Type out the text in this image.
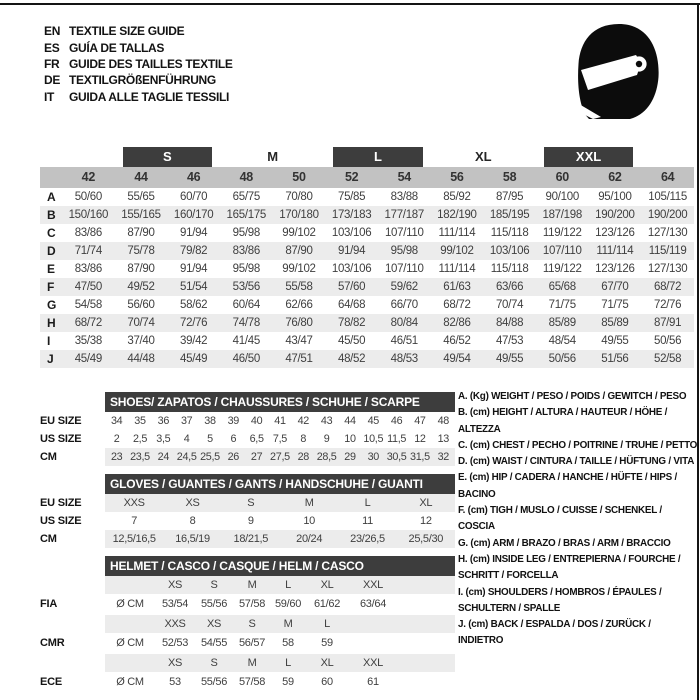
EN TEXTILE SIZE GUIDE
ES GUÍA DE TALLAS
FR GUIDE DES TAILLES TEXTILE
DE TEXTILGRÖßENFÜHRUNG
IT	GUIDA ALLE TAGLIE TESSILI

		S		M		L		XL		XXL		

	42	44	46	48	50	52	54	56	58	60	62	64
A	50/60	55/65	60/70	65/75	70/80	75/85	83/88	85/92	87/95	90/100	95/100	105/115
B	150/160	155/165	160/170	165/175	170/180	173/183	177/187	182/190	185/195	187/198	190/200	190/200
C	83/86	87/90	91/94	95/98	99/102	103/106	107/110	111/114	115/118	119/122	123/126	127/130
D	71/74	75/78	79/82	83/86	87/90	91/94	95/98	99/102	103/106	107/110	111/114	115/119
E	83/86	87/90	91/94	95/98	99/102	103/106	107/110	111/114	115/118	119/122	123/126	127/130
F	47/50	49/52	51/54	53/56	55/58	57/60	59/62	61/63	63/66	65/68	67/70	68/72
G	54/58	56/60	58/62	60/64	62/66	64/68	66/70	68/72	70/74	71/75	71/75	72/76
H	68/72	70/74	72/76	74/78	76/80	78/82	80/84	82/86	84/88	85/89	85/89	87/91
I	35/38	37/40	39/42	41/45	43/47	45/50	46/51	46/52	47/53	48/54	49/55	50/56
J	45/49	44/48	45/49	46/50	47/51	48/52	48/53	49/54	49/55	50/56	51/56	52/58

	SHOES/ ZAPATOS / CHAUSSURES / SCHUHE / SCARPE														

EU SIZE	34	35	36	37	38	39	40	41	42	43	44	45	46	47	48
US SIZE	2	2,5	3,5	4	5	6	6,5	7,5	8	9	10	10,5	11,5	12	13
CM	23	23,5	24	24,5	25,5	26	27	27,5	28	28,5	29	30	30,5	31,5	32

	GLOVES / GUANTES / GANTS / HANDSCHUHE / GUANTI					

EU SIZE	XXS	XS	S	M	L	XL
US SIZE	7	8	9	10	11	12
CM	12,5/16,5	16,5/19	18/21,5	20/24	23/26,5	25,5/30

	HELMET / CASCO / CASQUE / HELM / CASCO							

		XS	S	M	L	XL	XXL	
FIA	Ø CM	53/54	55/56	57/58	59/60	61/62	63/64	
		XXS	XS	S	M	L		
CMR	Ø CM	52/53	54/55	56/57	58	59		
		XS	S	M	L	XL	XXL	
ECE	Ø CM	53	55/56	57/58	59	60	61	
A. (Kg) WEIGHT / PESO / POIDS / GEWITCH / PESO
B. (cm) HEIGHT / ALTURA / HAUTEUR / HÖHE / ALTEZZA
C. (cm) CHEST / PECHO / POITRINE / TRUHE / PETTO
D. (cm) WAIST / CINTURA / TAILLE / HÜFTUNG / VITA
E. (cm) HIP / CADERA / HANCHE / HÜFTE / HIPS / BACINO
F. (cm) TIGH / MUSLO / CUISSE / SCHENKEL / COSCIA
G. (cm) ARM / BRAZO / BRAS / ARM / BRACCIO
H. (cm) INSIDE LEG / ENTREPIERNA / FOURCHE / SCHRITT / FORCELLA
I. (cm) SHOULDERS / HOMBROS / ÉPAULES / SCHULTERN / SPALLE
J. (cm) BACK / ESPALDA / DOS / ZURÜCK / INDIETRO
